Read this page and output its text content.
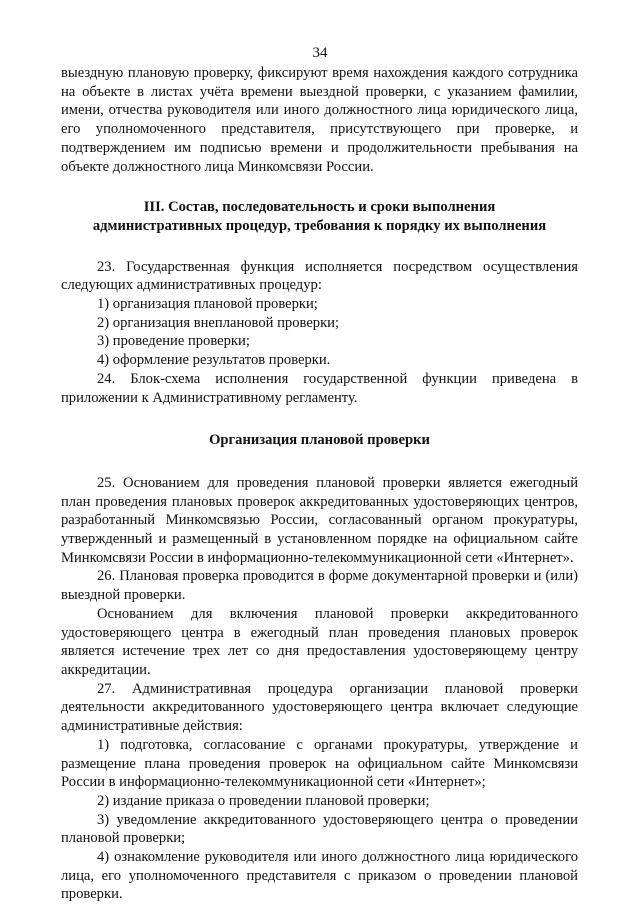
34

выездную плановую проверку, фиксируют время нахождения каждого сотрудника на объекте в листах учёта времени выездной проверки, с указанием фамилии, имени, отчества руководителя или иного должностного лица юридического лица, его уполномоченного представителя, присутствующего при проверке, и подтверждением им подписью времени и продолжительности пребывания на объекте должностного лица Минкомсвязи России.

III. Состав, последовательность и сроки выполнения

административных процедур, требования к порядку их выполнения

23. Государственная функция исполняется посредством осуществления следующих административных процедур:

1) организация плановой проверки;

2) организация внеплановой проверки;

3) проведение проверки;

4) оформление результатов проверки.

24. Блок-схема исполнения государственной функции приведена в приложении к Административному регламенту.

Организация плановой проверки

25. Основанием для проведения плановой проверки является ежегодный план проведения плановых проверок аккредитованных удостоверяющих центров, разработанный Минкомсвязью России, согласованный органом прокуратуры, утвержденный и размещенный в установленном порядке на официальном сайте Минкомсвязи России в информационно-телекоммуникационной сети «Интернет».

26. Плановая проверка проводится в форме документарной проверки и (или) выездной проверки.

Основанием для включения плановой проверки аккредитованного удостоверяющего центра в ежегодный план проведения плановых проверок является истечение трех лет со дня предоставления удостоверяющему центру аккредитации.

27. Административная процедура организации плановой проверки деятельности аккредитованного удостоверяющего центра включает следующие административные действия:

1) подготовка, согласование с органами прокуратуры, утверждение и размещение плана проведения проверок на официальном сайте Минкомсвязи России в информационно-телекоммуникационной сети «Интернет»;

2) издание приказа о проведении плановой проверки;

3) уведомление аккредитованного удостоверяющего центра о проведении плановой проверки;

4) ознакомление руководителя или иного должностного лица юридического лица, его уполномоченного представителя с приказом о проведении плановой проверки.
